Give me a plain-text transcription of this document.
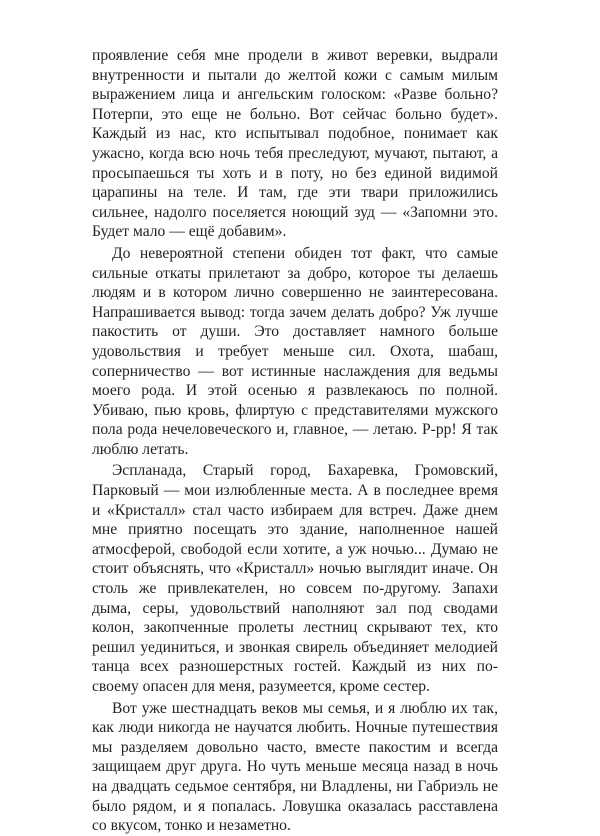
проявление себя мне продели в живот веревки, выдрали внутренности и пытали до желтой кожи с самым милым выражением лица и ангельским голоском: «Разве больно? Потерпи, это еще не больно. Вот сейчас больно будет». Каждый из нас, кто испытывал подобное, понимает как ужасно, когда всю ночь тебя преследуют, мучают, пытают, а просыпаешься ты хоть и в поту, но без единой видимой царапины на теле. И там, где эти твари приложились сильнее, надолго поселяется ноющий зуд — «Запомни это. Будет мало — ещё добавим».

До невероятной степени обиден тот факт, что самые сильные откаты прилетают за добро, которое ты делаешь людям и в котором лично совершенно не заинтересована. Напрашивается вывод: тогда зачем делать добро? Уж лучше пакостить от души. Это доставляет намного больше удовольствия и требует меньше сил. Охота, шабаш, соперничество — вот истинные наслаждения для ведьмы моего рода. И этой осенью я развлекаюсь по полной. Убиваю, пью кровь, флиртую с представителями мужского пола рода нечеловеческого и, главное, — летаю. Р-рр! Я так люблю летать.

Эспланада, Старый город, Бахаревка, Громовский, Парковый — мои излюбленные места. А в последнее время и «Кристалл» стал часто избираем для встреч. Даже днем мне приятно посещать это здание, наполненное нашей атмосферой, свободой если хотите, а уж ночью... Думаю не стоит объяснять, что «Кристалл» ночью выглядит иначе. Он столь же привлекателен, но совсем по-другому. Запахи дыма, серы, удовольствий наполняют зал под сводами колон, закопченные пролеты лестниц скрывают тех, кто решил уединиться, и звонкая свирель объединяет мелодией танца всех разношерстных гостей. Каждый из них по-своему опасен для меня, разумеется, кроме сестер.

Вот уже шестнадцать веков мы семья, и я люблю их так, как люди никогда не научатся любить. Ночные путешествия мы разделяем довольно часто, вместе пакостим и всегда защищаем друг друга. Но чуть меньше месяца назад в ночь на двадцать седьмое сентября, ни Владлены, ни Габриэль не было рядом, и я попалась. Ловушка оказалась расставлена со вкусом, тонко и незаметно.
